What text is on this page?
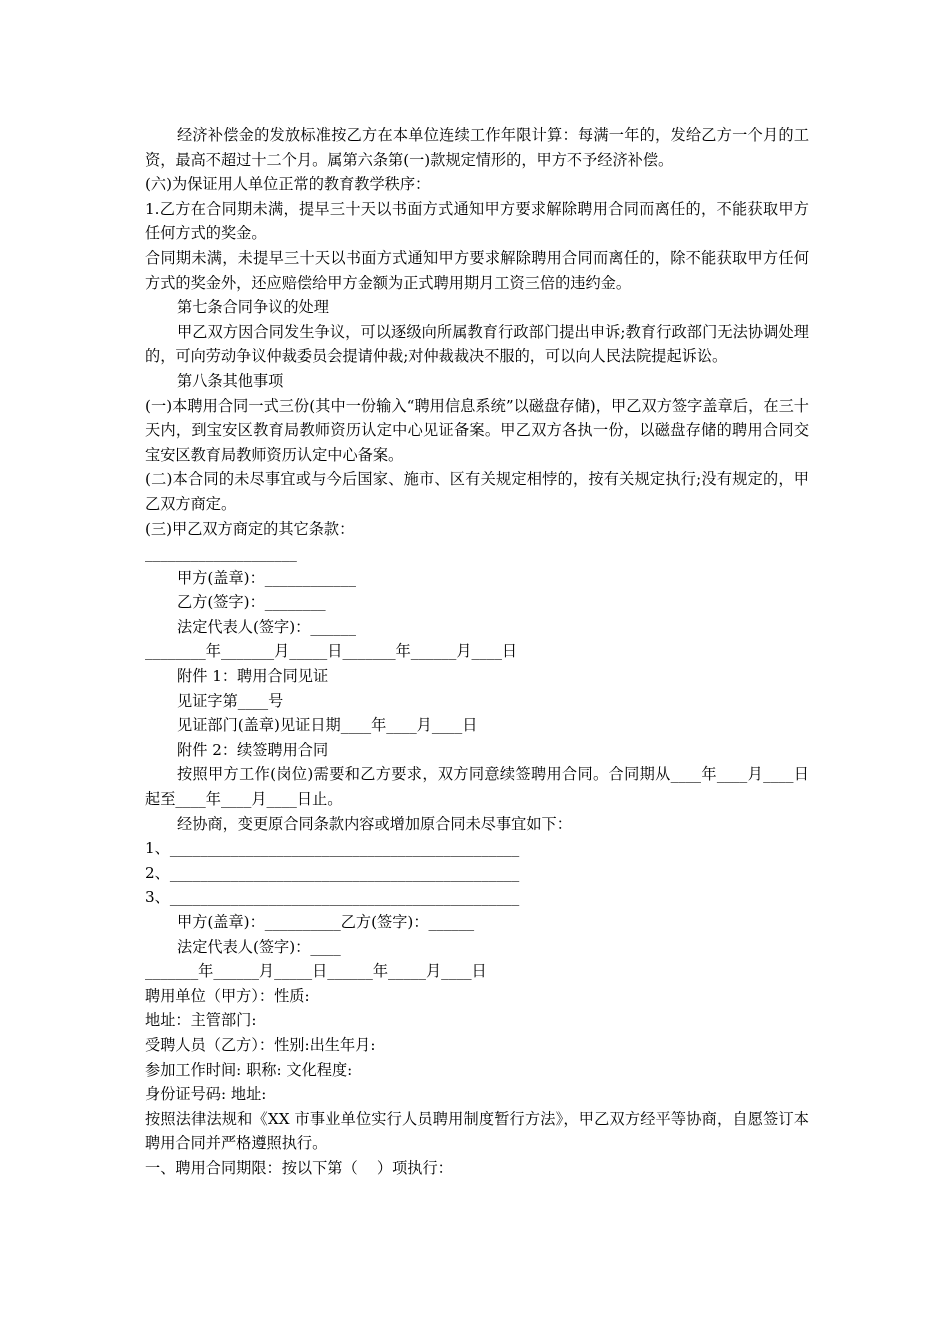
经济补偿金的发放标准按乙方在本单位连续工作年限计算：每满一年的，发给乙方一个月的工资，最高不超过十二个月。属第六条第(一)款规定情形的，甲方不予经济补偿。

(六)为保证用人单位正常的教育教学秩序：

1.乙方在合同期未满，提早三十天以书面方式通知甲方要求解除聘用合同而离任的，不能获取甲方任何方式的奖金。

合同期未满，未提早三十天以书面方式通知甲方要求解除聘用合同而离任的，除不能获取甲方任何方式的奖金外，还应赔偿给甲方金额为正式聘用期月工资三倍的违约金。

第七条合同争议的处理

甲乙双方因合同发生争议，可以逐级向所属教育行政部门提出申诉;教育行政部门无法协调处理的，可向劳动争议仲裁委员会提请仲裁;对仲裁裁决不服的，可以向人民法院提起诉讼。

第八条其他事项

(一)本聘用合同一式三份(其中一份输入“聘用信息系统”以磁盘存储)，甲乙双方签字盖章后，在三十天内，到宝安区教育局教师资历认定中心见证备案。甲乙双方各执一份，以磁盘存储的聘用合同交宝安区教育局教师资历认定中心备案。

(二)本合同的未尽事宜或与今后国家、施市、区有关规定相悖的，按有关规定执行;没有规定的，甲乙双方商定。

(三)甲乙双方商定的其它条款：

____________________

甲方(盖章)：____________

乙方(签字)：________

法定代表人(签字)：______

________年_______月_____日_______年______月____日

附件 1：聘用合同见证

见证字第____号

见证部门(盖章)见证日期____年____月____日

附件 2：续签聘用合同

按照甲方工作(岗位)需要和乙方要求，双方同意续签聘用合同。合同期从____年____月____日起至____年____月____日止。

经协商，变更原合同条款内容或增加原合同未尽事宜如下：

1、______________________________________________

2、______________________________________________

3、______________________________________________

甲方(盖章)：__________乙方(签字)：______

法定代表人(签字)：____

_______年______月_____日______年_____月____日

聘用单位（甲方）：性质:

地址：主管部门:

受聘人员（乙方）：性别:出生年月:

参加工作时间: 职称: 文化程度:

身份证号码: 地址:

按照法律法规和《XX 市事业单位实行人员聘用制度暂行方法》，甲乙双方经平等协商，自愿签订本聘用合同并严格遵照执行。

一、聘用合同期限：按以下第（    ）项执行：
